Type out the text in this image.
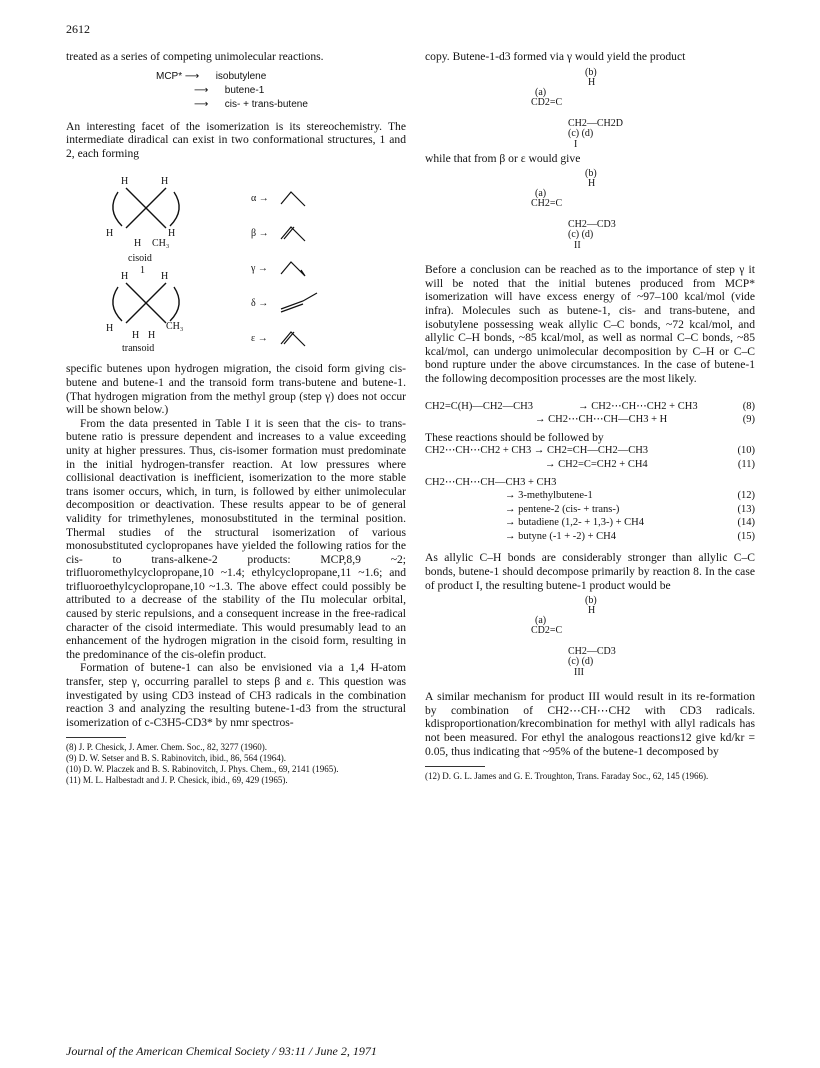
2612

treated as a series of competing unimolecular reactions.

MCP* ⟶	isobutylene
⟶ butene-1
⟶ cis- + trans-butene

An interesting facet of the isomerization is its stereochemistry. The intermediate diradical can exist in two conformational structures, 1 and 2, each forming

H	H
H	H
H CH₃
H	H
H	CH₃
H H
cisoid
1
transoid
α →
β →
γ →
δ →
ε →

specific butenes upon hydrogen migration, the cisoid form giving cis-butene and butene-1 and the transoid form trans-butene and butene-1. (That hydrogen migration from the methyl group (step γ) does not occur will be shown below.)

From the data presented in Table I it is seen that the cis- to trans-butene ratio is pressure dependent and increases to a value exceeding unity at higher pressures. Thus, cis-isomer formation must predominate in the initial hydrogen-transfer reaction. At low pressures where collisional deactivation is inefficient, isomerization to the more stable trans isomer occurs, which, in turn, is followed by either unimolecular decomposition or deactivation. These results appear to be of general validity for trimethylenes, monosubstituted in the terminal position. Thermal studies of the structural isomerization of various monosubstituted cyclopropanes have yielded the following ratios for the cis- to trans-alkene-2 products: MCP,8,9 ~2; trifluoromethylcyclopropane,10 ~1.4; ethylcyclopropane,11 ~1.6; and trifluoroethylcyclopropane,10 ~1.3. The above effect could possibly be attributed to a decrease of the stability of the Πu molecular orbital, caused by steric repulsions, and a consequent increase in the free-radical character of the cisoid intermediate. This would presumably lead to an enhancement of the hydrogen migration in the cisoid form, resulting in the predominance of the cis-olefin product.

Formation of butene-1 can also be envisioned via a 1,4 H-atom transfer, step γ, occurring parallel to steps β and ε. This question was investigated by using CD3 instead of CH3 radicals in the combination reaction 3 and analyzing the resulting butene-1-d3 from the structural isomerization of c-C3H5-CD3* by nmr spectros-

(8) J. P. Chesick, J. Amer. Chem. Soc., 82, 3277 (1960).

(9) D. W. Setser and B. S. Rabinovitch, ibid., 86, 564 (1964).

(10) D. W. Placzek and B. S. Rabinovitch, J. Phys. Chem., 69, 2141 (1965).

(11) M. L. Halbestadt and J. P. Chesick, ibid., 69, 429 (1965).

copy. Butene-1-d3 formed via γ would yield the product

(b)
H
(a)
CD2=C
CH2—CH2D
(c) (d)
I

while that from β or ε would give

(b)
H
(a)
CH2=C
CH2—CD3
(c) (d)
II

Before a conclusion can be reached as to the importance of step γ it will be noted that the initial butenes produced from MCP* isomerization will have excess energy of ~97–100 kcal/mol (vide infra). Molecules such as butene-1, cis- and trans-butene, and isobutylene possessing weak allylic C–C bonds, ~72 kcal/mol, and allylic C–H bonds, ~85 kcal/mol, as well as normal C–C bonds, ~85 kcal/mol, can undergo unimolecular decomposition by C–H or C–C bond rupture under the above circumstances. In the case of butene-1 the following decomposition processes are the most likely.

CH2=C(H)—CH2—CH3	→ CH2⋯CH⋯CH2 + CH3	(8)
→ CH2⋯CH⋯CH—CH3 + H	(9)

These reactions should be followed by

CH2⋯CH⋯CH2 + CH3 → CH2=CH—CH2—CH3	(10)
→ CH2=C=CH2 + CH4	(11)
CH2⋯CH⋯CH—CH3 + CH3
→ 3-methylbutene-1	(12)
→ pentene-2 (cis- + trans-)	(13)
→ butadiene (1,2- + 1,3-) + CH4	(14)
→ butyne (-1 + -2) + CH4	(15)

As allylic C–H bonds are considerably stronger than allylic C–C bonds, butene-1 should decompose primarily by reaction 8. In the case of product I, the resulting butene-1 product would be

(b)
H
(a)
CD2=C
CH2—CD3
(c) (d)
III

A similar mechanism for product III would result in its re-formation by combination of CH2⋯CH⋯CH2 with CD3 radicals. kdisproportionation/krecombination for methyl with allyl radicals has not been measured. For ethyl the analogous reactions12 give kd/kr = 0.05, thus indicating that ~95% of the butene-1 decomposed by

(12) D. G. L. James and G. E. Troughton, Trans. Faraday Soc., 62, 145 (1966).

Journal of the American Chemical Society / 93:11 / June 2, 1971
